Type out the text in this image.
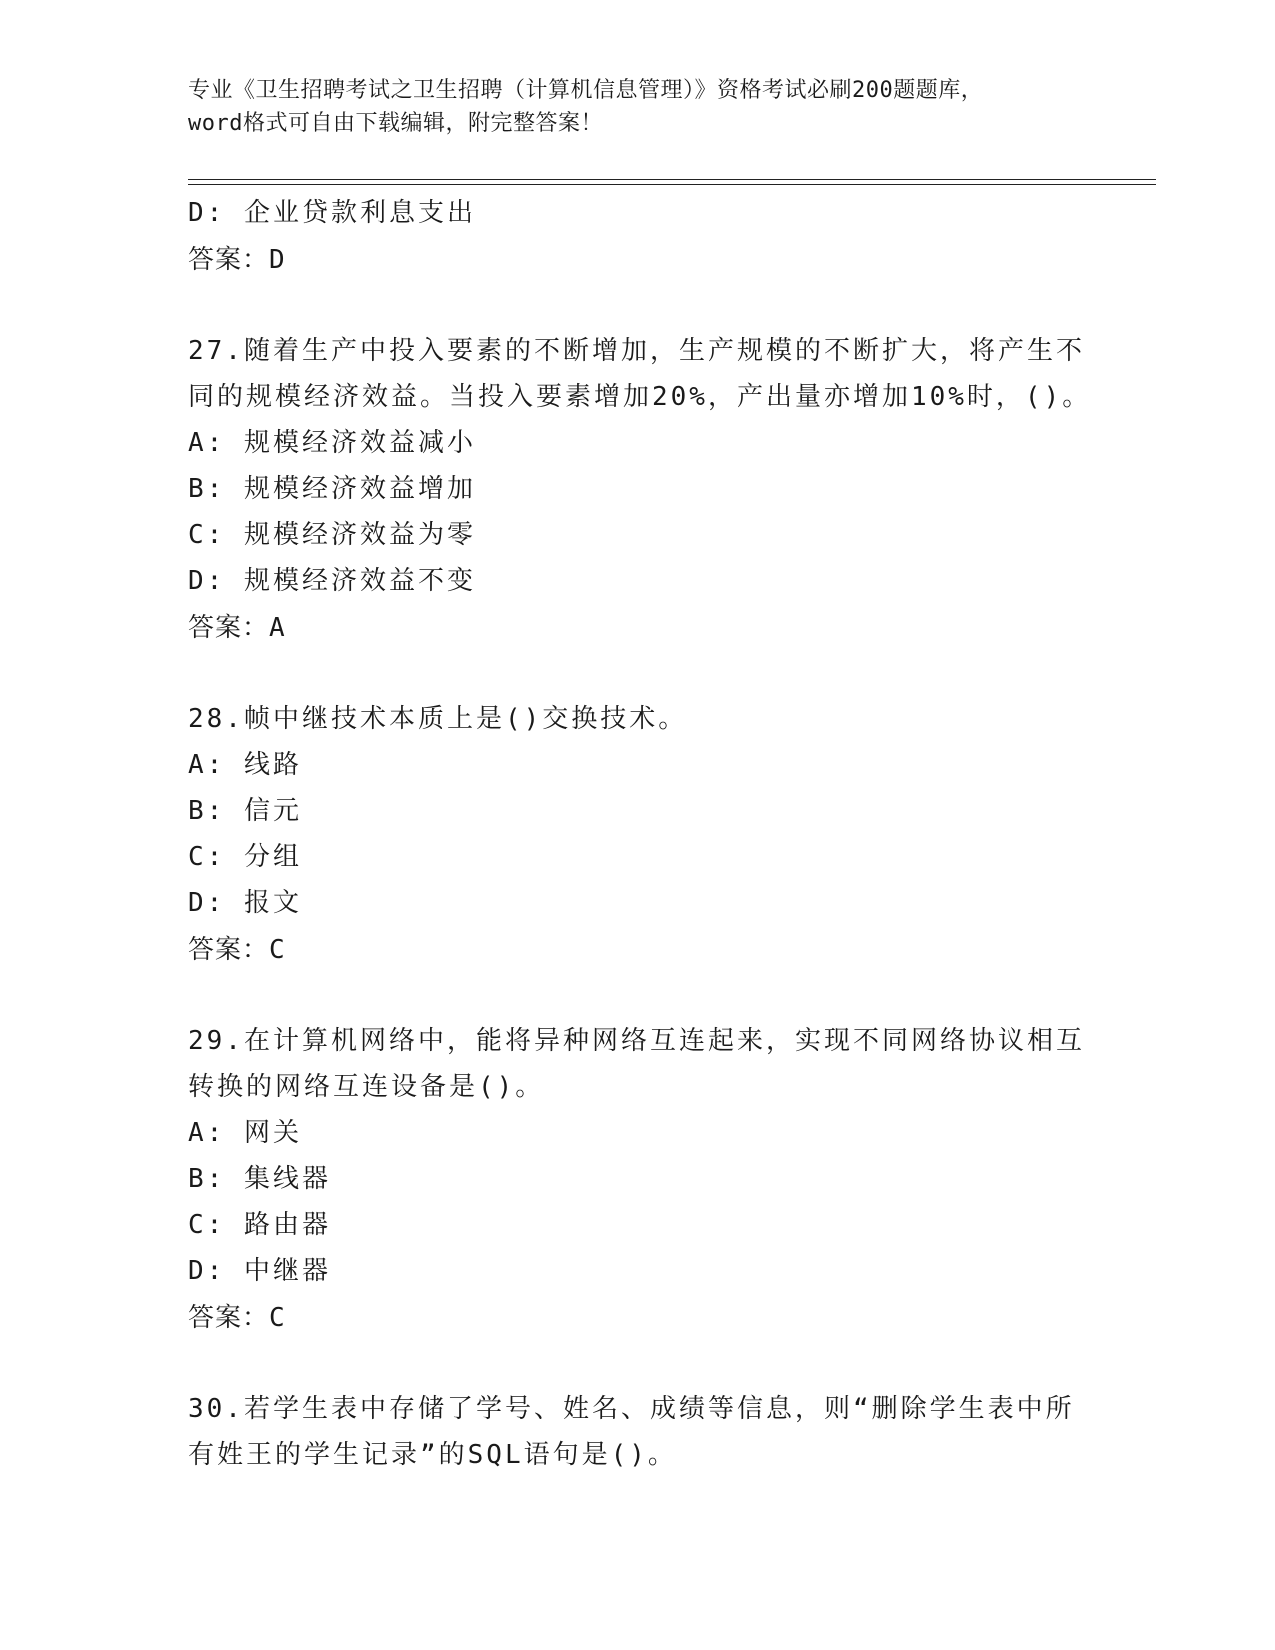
专业《卫生招聘考试之卫生招聘（计算机信息管理）》资格考试必刷200题题库，
word格式可自由下载编辑，附完整答案！
D: 企业贷款利息支出
答案：D
27.随着生产中投入要素的不断增加，生产规模的不断扩大，将产生不
同的规模经济效益。当投入要素增加20%，产出量亦增加10%时，()。
A: 规模经济效益减小
B: 规模经济效益增加
C: 规模经济效益为零
D: 规模经济效益不变
答案：A
28.帧中继技术本质上是()交换技术。
A: 线路
B: 信元
C: 分组
D: 报文
答案：C
29.在计算机网络中，能将异种网络互连起来，实现不同网络协议相互
转换的网络互连设备是()。
A: 网关
B: 集线器
C: 路由器
D: 中继器
答案：C
30.若学生表中存储了学号、姓名、成绩等信息，则“删除学生表中所
有姓王的学生记录”的SQL语句是()。
